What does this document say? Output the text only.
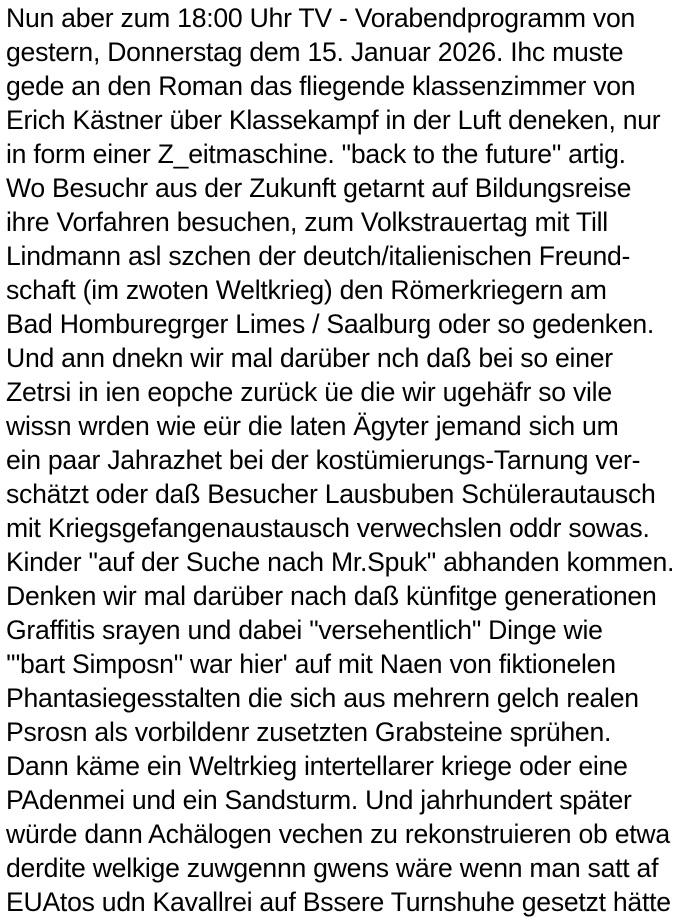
Nun aber zum 18:00 Uhr TV - Vorabendprogramm von
gestern, Donnerstag dem 15. Januar 2026. Ihc muste
gede an den Roman das fliegende klassenzimmer von
Erich Kästner über Klassekampf in der Luft deneken, nur
in form einer Z_eitmaschine. "back to the future" artig.
Wo Besuchr aus der Zukunft getarnt auf Bildungsreise
ihre Vorfahren besuchen, zum Volkstrauertag mit Till
Lindmann asl szchen der deutch/italienischen Freund-
schaft (im zwoten Weltkrieg) den Römerkriegern am
Bad Homburegrger Limes / Saalburg oder so gedenken.
Und ann dnekn wir mal darüber nch daß bei so einer
Zetrsi in ien eopche zurück üe die wir ugehäfr so vile
wissn wrden wie eür die laten Ägyter jemand sich um
ein paar Jahrazhet bei der kostümierungs-Tarnung ver-
schätzt oder daß Besucher Lausbuben Schülerautausch
mit Kriegsgefangenaustausch verwechslen oddr sowas.
Kinder "auf der Suche nach Mr.Spuk" abhanden kommen.
Denken wir mal darüber nach daß künfitge generationen
Graffitis srayen und dabei "versehentlich" Dinge wie
'"bart Simposn" war hier' auf mit Naen von fiktionelen
Phantasiegesstalten die sich aus mehrern gelch realen
Psrosn als vorbildenr zusetzten Grabsteine sprühen.
Dann käme ein Weltrkieg intertellarer kriege oder eine
PAdenmei und ein Sandsturm. Und jahrhundert später
würde dann Achälogen vechen zu rekonstruieren ob etwa
derdite welkige zuwgennn gwens wäre wenn man satt af
EUAtos udn Kavallrei auf Bssere Turnshuhe gesetzt hätte
